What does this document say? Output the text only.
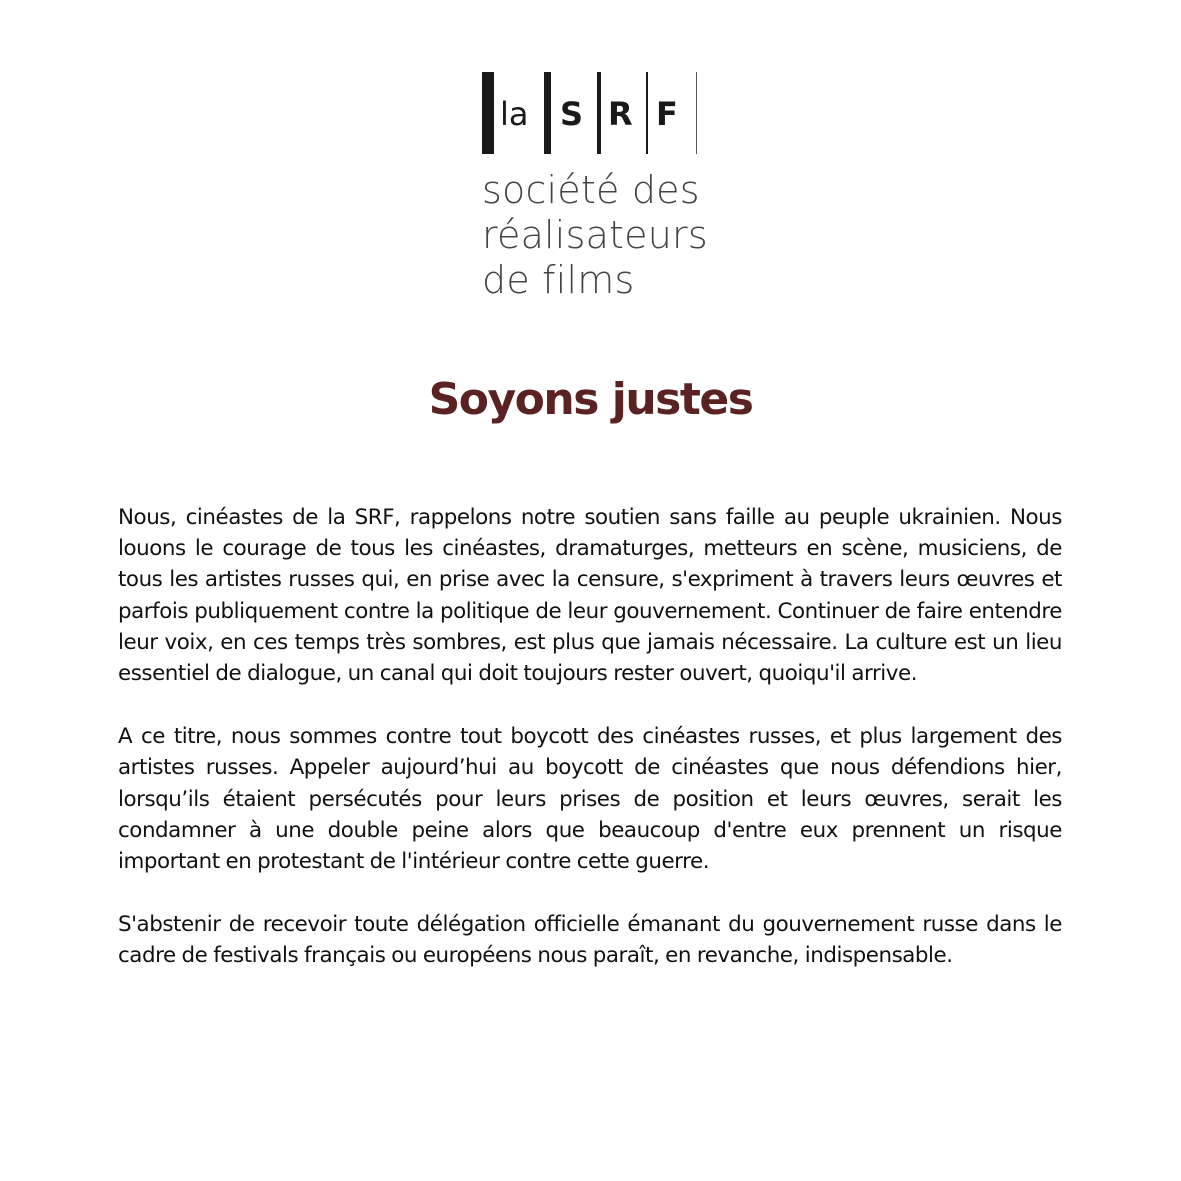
la S R F
société des
réalisateurs
de films
Soyons justes

Nous, cinéastes de la SRF, rappelons notre soutien sans faille au peuple ukrainien. Nous louons le courage de tous les cinéastes, dramaturges, metteurs en scène, musiciens, de tous les artistes russes qui, en prise avec la censure, s'expriment à travers leurs œuvres et parfois publiquement contre la politique de leur gouvernement. Continuer de faire entendre leur voix, en ces temps très sombres, est plus que jamais nécessaire. La culture est un lieu essentiel de dialogue, un canal qui doit toujours rester ouvert, quoiqu'il arrive.

A ce titre, nous sommes contre tout boycott des cinéastes russes, et plus largement des artistes russes. Appeler aujourd’hui au boycott de cinéastes que nous défendions hier, lorsqu’ils étaient persécutés pour leurs prises de position et leurs œuvres, serait les condamner à une double peine alors que beaucoup d'entre eux prennent un risque important en protestant de l'intérieur contre cette guerre.

S'abstenir de recevoir toute délégation officielle émanant du gouvernement russe dans le cadre de festivals français ou européens nous paraît, en revanche, indispensable.
